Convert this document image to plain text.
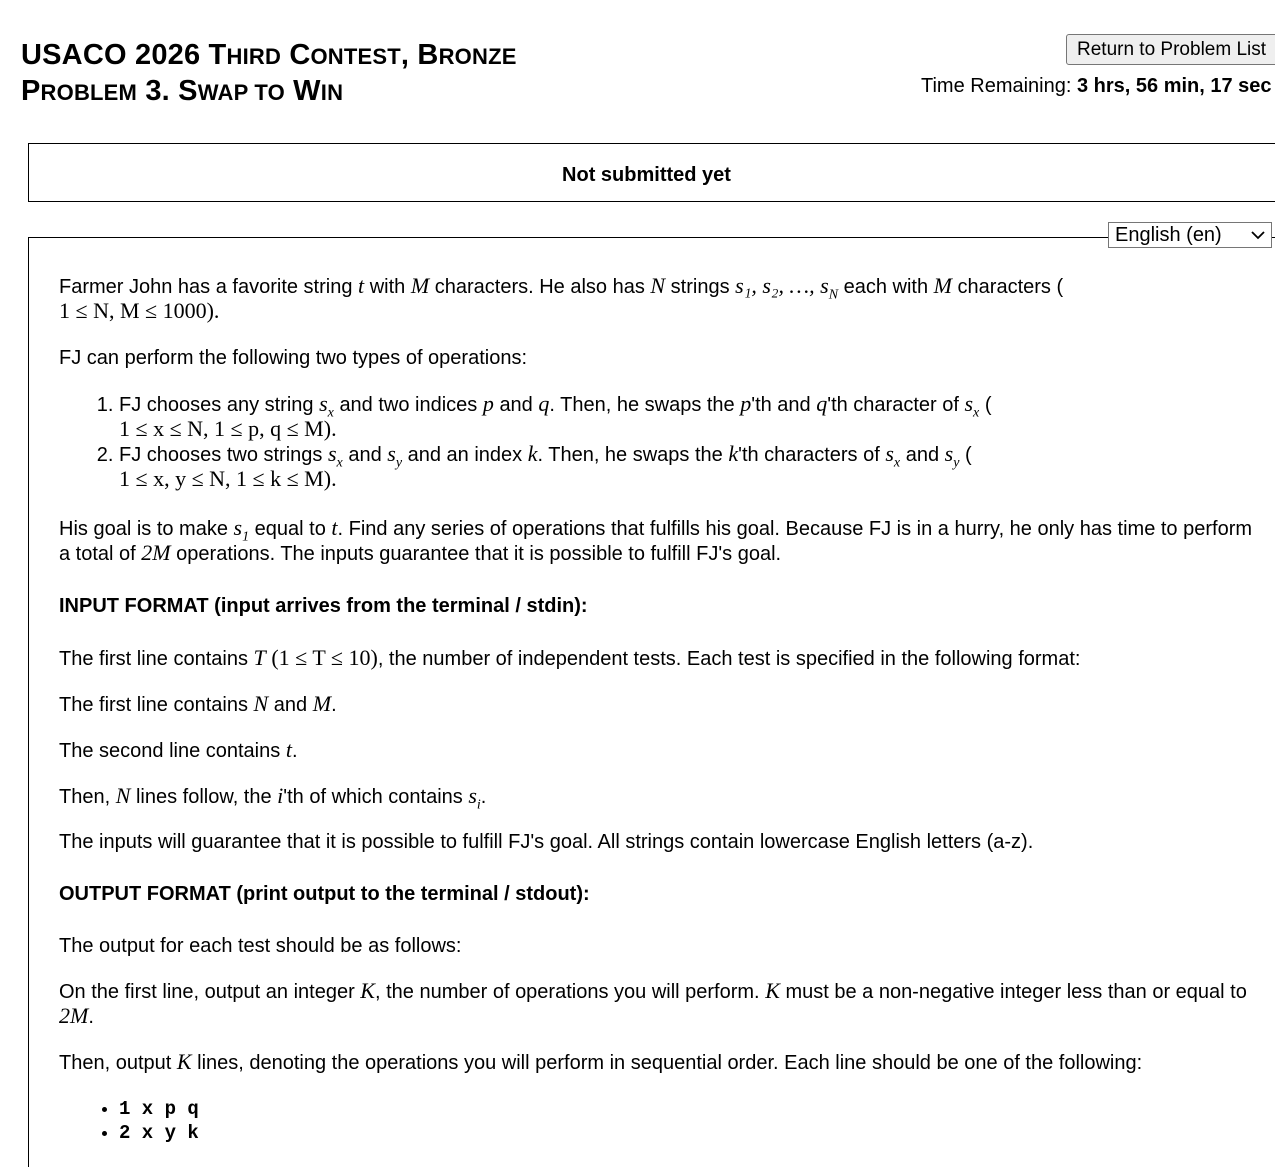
USACO 2026 THIRD CONTEST, BRONZE
PROBLEM 3. SWAP TO WIN
Return to Problem List
Time Remaining: 3 hrs, 56 min, 17 sec
Not submitted yet
English (en)

Farmer John has a favorite string t with M characters. He also has N strings s₁, s₂, …, $s_N$ each with M characters (
1 ≤ N, M ≤ 1000).

FJ can perform the following two types of operations:

1. FJ chooses any string $s_x$ and two indices p and q. Then, he swaps the p'th and q'th character of $s_x$ (
1 ≤ x ≤ N, 1 ≤ p, q ≤ M).
2. FJ chooses two strings $s_x$ and $s_y$ and an index k. Then, he swaps the k'th characters of $s_x$ and $s_y$ (
1 ≤ x, y ≤ N, 1 ≤ k ≤ M).

His goal is to make $s_1$ equal to t. Find any series of operations that fulfills his goal. Because FJ is in a hurry, he only has time to perform a total of 2M operations. The inputs guarantee that it is possible to fulfill FJ's goal.

INPUT FORMAT (input arrives from the terminal / stdin):

The first line contains T (1 ≤ T ≤ 10), the number of independent tests. Each test is specified in the following format:

The first line contains N and M.

The second line contains t.

Then, N lines follow, the i'th of which contains $s_i$.

The inputs will guarantee that it is possible to fulfill FJ's goal. All strings contain lowercase English letters (a-z).

OUTPUT FORMAT (print output to the terminal / stdout):

The output for each test should be as follows:

On the first line, output an integer K, the number of operations you will perform. K must be a non-negative integer less than or equal to 2M.

Then, output K lines, denoting the operations you will perform in sequential order. Each line should be one of the following:

• 1 x p q
• 2 x y k
